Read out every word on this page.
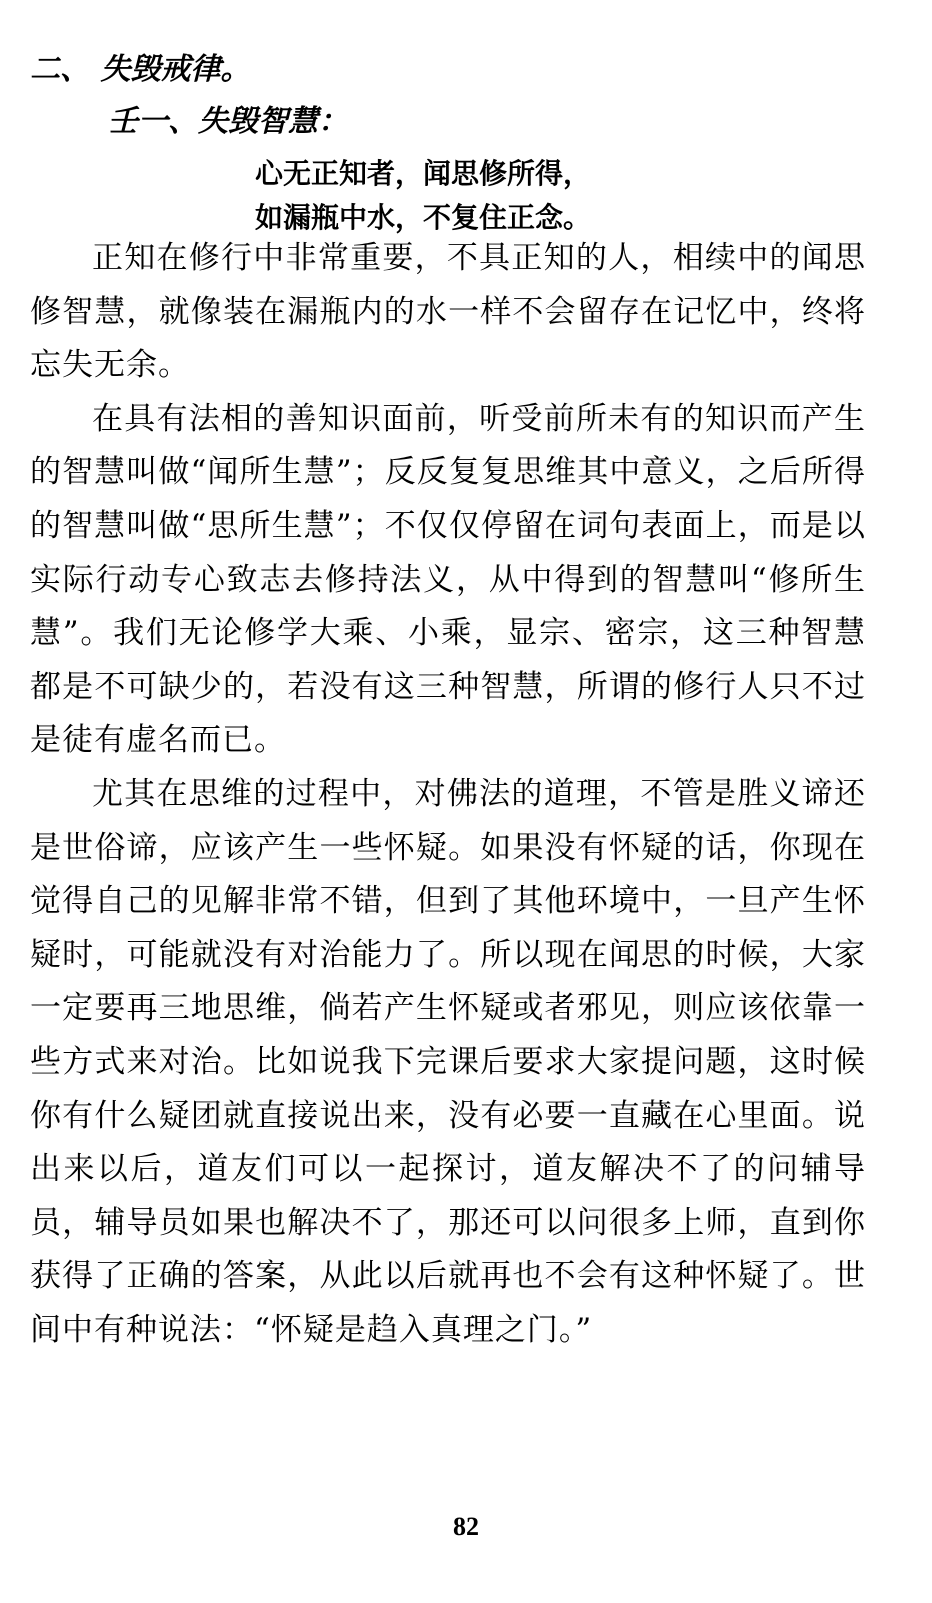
二、 失毁戒律。
壬一、失毁智慧：
心无正知者，闻思修所得，
如漏瓶中水，不复住正念。

正知在修行中非常重要，不具正知的人，相续中的闻思修智慧，就像装在漏瓶内的水一样不会留存在记忆中，终将忘失无余。

在具有法相的善知识面前，听受前所未有的知识而产生的智慧叫做“闻所生慧”；反反复复思维其中意义，之后所得的智慧叫做“思所生慧”；不仅仅停留在词句表面上，而是以实际行动专心致志去修持法义，从中得到的智慧叫“修所生慧”。我们无论修学大乘、小乘，显宗、密宗，这三种智慧都是不可缺少的，若没有这三种智慧，所谓的修行人只不过是徒有虚名而已。

尤其在思维的过程中，对佛法的道理，不管是胜义谛还是世俗谛，应该产生一些怀疑。如果没有怀疑的话，你现在觉得自己的见解非常不错，但到了其他环境中，一旦产生怀疑时，可能就没有对治能力了。所以现在闻思的时候，大家一定要再三地思维，倘若产生怀疑或者邪见，则应该依靠一些方式来对治。比如说我下完课后要求大家提问题，这时候你有什么疑团就直接说出来，没有必要一直藏在心里面。说出来以后，道友们可以一起探讨，道友解决不了的问辅导员，辅导员如果也解决不了，那还可以问很多上师，直到你获得了正确的答案，从此以后就再也不会有这种怀疑了。世间中有种说法：“怀疑是趋入真理之门。”

82
